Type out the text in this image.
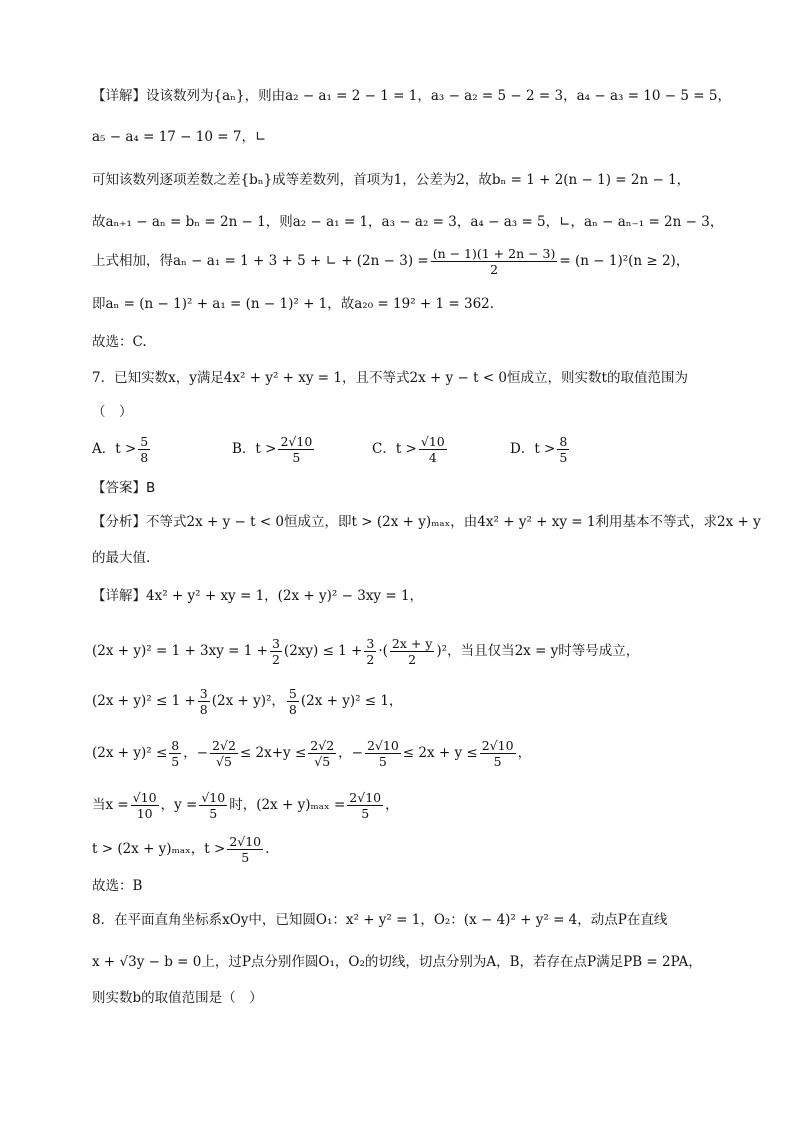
【详解】设该数列为{aₙ}，则由a₂ − a₁ = 2 − 1 = 1，a₃ − a₂ = 5 − 2 = 3，a₄ − a₃ = 10 − 5 = 5，
a₅ − a₄ = 17 − 10 = 7，∟
可知该数列逐项差数之差{bₙ}成等差数列，首项为1，公差为2，故bₙ = 1 + 2(n − 1) = 2n − 1，
故aₙ₊₁ − aₙ = bₙ = 2n − 1，则a₂ − a₁ = 1，a₃ − a₂ = 3，a₄ − a₃ = 5，∟，aₙ − aₙ₋₁ = 2n − 3，
上式相加，得aₙ − a₁ = 1 + 3 + 5 + ∟ + $(2n - 3) = \frac{(n - 1)(1 + 2n - 3)}{2} = (n - 1)^2(n \ge 2)$，
即aₙ = (n − 1)² + a₁ = (n − 1)² + 1，故a₂₀ = 19² + 1 = 362.
故选：C.
7．已知实数x，y满足4x² + y² + xy = 1，且不等式2x + y − t < 0恒成立，则实数t的取值范围为
（　）
A．$t > \frac{5}{8}$	B．$t > \frac{2√10}{5}$	C．$t > \frac{√10}{4}$	D．$t > \frac{8}{5}$
【答案】B
【分析】不等式2x + y − t < 0恒成立，即t > (2x + y)ₘₐₓ，由4x² + y² + xy = 1利用基本不等式，求2x + y
的最大值.
【详解】4x² + y² + xy = 1，(2x + y)² − 3xy = 1，
$(2x + y)^2 = 1 + 3xy = 1 + \frac{3}{2} (2xy) \le 1 + \frac{3}{2}$ ·( $\frac{2x + y}{2} )^2$，当且仅当2x = y时等号成立，
$(2x + y)^2 \le 1 + \frac{3}{8} (2x + y)^2$， $\frac{5}{8} (2x + y)^2 \le 1$，
$(2x + y)^2 \le \frac{8}{5}$ ，− $\frac{2√2}{√5} \le 2x+y \le \frac{2√2}{√5}$ ，− $\frac{2√10}{5} \le 2x + y \le \frac{2√10}{5}$ ，
当$x = \frac{√10}{10}$ ，$y = \frac{√10}{5}$ 时，$(2x + y)_{max} = \frac{2√10}{5}$ ，
t > (2x + y)ₘₐₓ，$t > \frac{2√10}{5}$ .
故选：B
8．在平面直角坐标系xOy中，已知圆O₁：x² + y² = 1，O₂：(x − 4)² + y² = 4，动点P在直线
x + √3y − b = 0上，过P点分别作圆O₁，O₂的切线，切点分别为A，B，若存在点P满足PB = 2PA，
则实数b的取值范围是（　）
